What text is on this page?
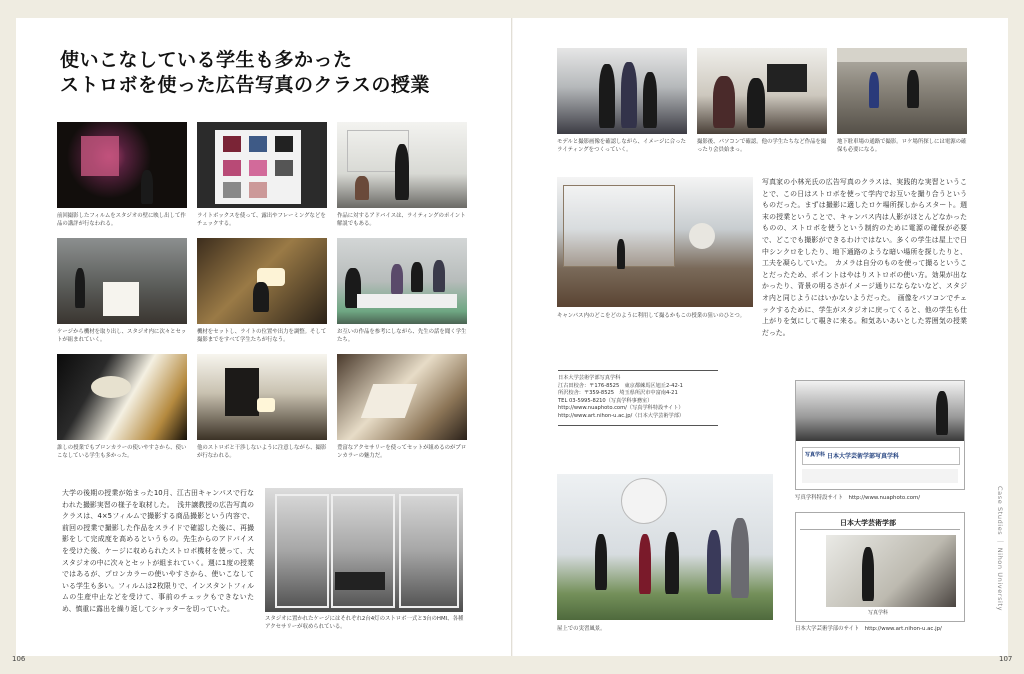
使いこなしている学生も多かった
ストロボを使った広告写真のクラスの授業
前回撮影したフィルムをスタジオの壁に映し出して作品の講評が行なわれる。
ライトボックスを使って、露出やフレーミングなどをチェックする。
作品に対するアドバイスは、ライティングのポイント解説でもある。
ケージから機材を取り出し、スタジオ内に次々とセットが組まれていく。
機材をセットし、ライトの位置や出力を調整。そして撮影までをすべて学生たちが行なう。
お互いの作品を参考にしながら、先生の話を聞く学生たち。
誰しの授業でもプロンカラーの使いやすさから、使いこなしている学生も多かった。
他のストロボと干渉しないように注意しながら、撮影が行なわれる。
豊富なアクセサリーを使ってセットが組めるのがプロンカラーの魅力だ。
大学の後期の授業が始まった10月、江古田キャンパスで行なわれた撮影実習の様子を取材した。　浅井譲教授の広告写真のクラスは、4×5フィルムで撮影する商品撮影という内容で、前回の授業で撮影した作品をスライドで確認した後に、再撮影をして完成度を高めるというもの。先生からのアドバイスを受けた後、ケージに収められたストロボ機材を使って、大スタジオの中に次々とセットが組まれていく。週に1度の授業ではあるが、プロンカラーの使いやすさから、使いこなしている学生も多い。フィルムは2枚限りで、インスタントフィルムの生産中止などを受けて、事前のチェックもできないため、慎重に露出を繰り返してシャッターを切っていた。
スタジオに置かれたケージにはそれぞれ2台4灯のストロボ一式と3台のHMI、各種アクセサリーが収められている。
モデルと撮影画像を確認しながら、イメージに合ったライティングをつくっていく。
撮影後、パソコンで確認。他の学生たちなど作品を撮ったり会員始まっ。
地下駐車場の通路で撮影。ロケ場所探しには電源の確保も必要になる。
キャンパス内のどこをどのように利用して撮るかもこの授業の狙いのひとつ。
写真家の小林光氏の広告写真のクラスは、実践的な実習ということで、この日はストロボを使って学内でお互いを撮り合うというものだった。まずは撮影に適したロケ場所探しからスタート。週末の授業ということで、キャンパス内は人影がほとんどなかったものの、ストロボを使うという制約のために電源の確保が必要で、どこでも撮影ができるわけではない。多くの学生は屋上で日中シンクロをしたり、地下通路のような暗い場所を探したりと、工夫を凝らしていた。　カメラは自分のものを使って撮るということだったため、ポイントはやはりストロボの使い方。効果が出なかったり、背景の明るさがイメージ通りにならないなど、スタジオ内と同じようにはいかないようだった。　画像をパソコンでチェックするために、学生がスタジオに戻ってくると、他の学生も仕上がりを気にして覗きに来る。和気あいあいとした雰囲気の授業だった。
日本大学芸術学部写真学科
江古田校舎：〒176-8525　東京都練馬区旭丘2-42-1
所沢校舎：〒359-8525　埼玉県所沢市中富南4-21
TEL 03-5995-8210（写真学科事務室）
http://www.nuaphoto.com/（写真学科特設サイト）
http://www.art.nihon-u.ac.jp/（日本大学芸術学部）
写真学科 日本大学芸術学部写真学科
写真学科特設サイト　http://www.nuaphoto.com/
屋上での実習風景。
日本大学芸術学部
写真学科
日本大学芸術学部のサイト　http://www.art.nihon-u.ac.jp/
106	107
Case Studies ｜ Nihon University
